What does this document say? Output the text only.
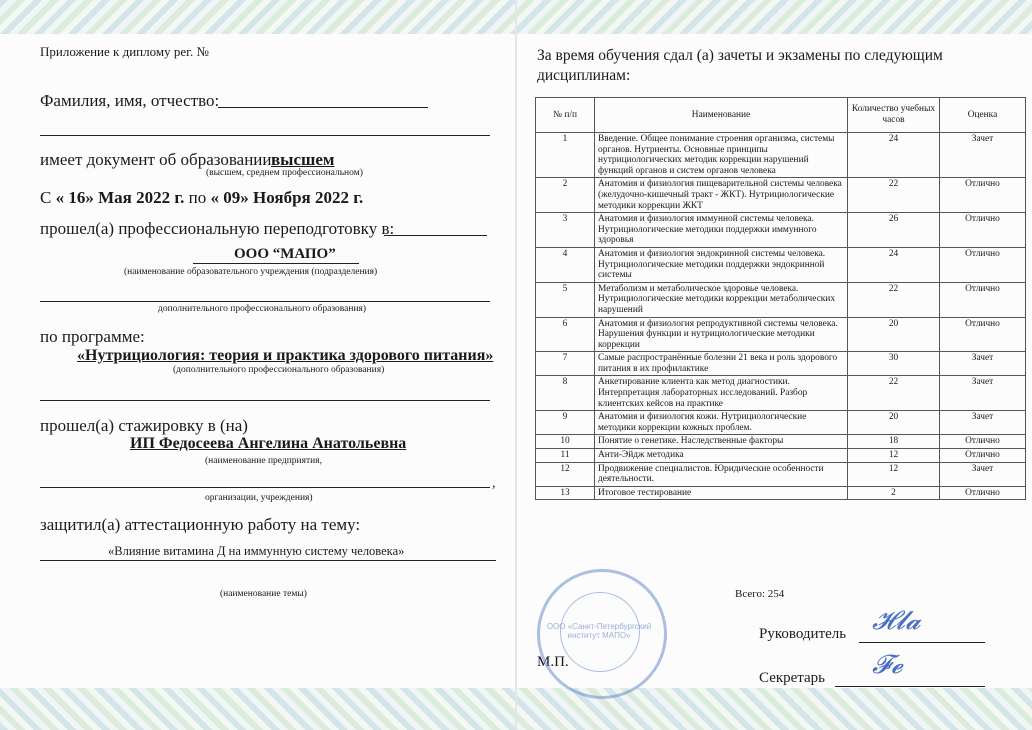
Приложение к диплому рег. №
Фамилия, имя, отчество:
имеет документ об образовании:
высшем
(высшем, среднем профессиональном)
С « 16» Мая 2022 г. по « 09» Ноября 2022 г.
прошел(а) профессиональную переподготовку в:
ООО “МАПО”
(наименование образовательного учреждения (подразделения)
дополнительного профессионального образования)
по программе:
«Нутрициология: теория и практика здорового питания»
(дополнительного профессионального образования)
прошел(а) стажировку в (на)
ИП Федосеева Ангелина Анатольевна
(наименование предприятия,
,
организации, учреждения)
защитил(а) аттестационную работу на тему:
«Влияние витамина Д на иммунную систему человека»
(наименование темы)
За время обучения сдал (а) зачеты и экзамены по следующим дисциплинам:
№ п/п	Наименование	Количество учебных часов	Оценка
1	Введение. Общее понимание строения организма, системы органов. Нутриенты. Основные принципы нутрициологических методик коррекции нарушений функций органов и систем органов человека	24	Зачет
2	Анатомия и физиология пищеварительной системы человека (желудочно-кишечный тракт - ЖКТ). Нутрициологические методики коррекции ЖКТ	22	Отлично
3	Анатомия и физиология иммунной системы человека. Нутрициологические методики поддержки иммунного здоровья	26	Отлично
4	Анатомия и физиология эндокринной системы человека. Нутрициологические методики поддержки эндокринной системы	24	Отлично
5	Метаболизм и метаболическое здоровье человека. Нутрициологические методики коррекции метаболических нарушений	22	Отлично
6	Анатомия и физиология репродуктивной системы человека. Нарушения функции и нутрициологические методики коррекции	20	Отлично
7	Самые распространённые болезни 21 века и роль здорового питания в их профилактике	30	Зачет
8	Анкетирование клиента как метод диагностики. Интерпретация лабораторных исследований. Разбор клиентских кейсов на практике	22	Зачет
9	Анатомия и физиология кожи. Нутрициологические методики коррекции кожных проблем.	20	Зачет
10	Понятие о генетике. Наследственные факторы	18	Отлично
11	Анти-Эйдж методика	12	Отлично
12	Продвижение специалистов. Юридические особенности деятельности.	12	Зачет
13	Итоговое тестирование	2	Отлично
Всего: 254
Руководитель 𝓗𝓵𝓪
М.П.
Секретарь 𝓕𝓮
ООО «Санкт-Петербургский институт МАПО»
